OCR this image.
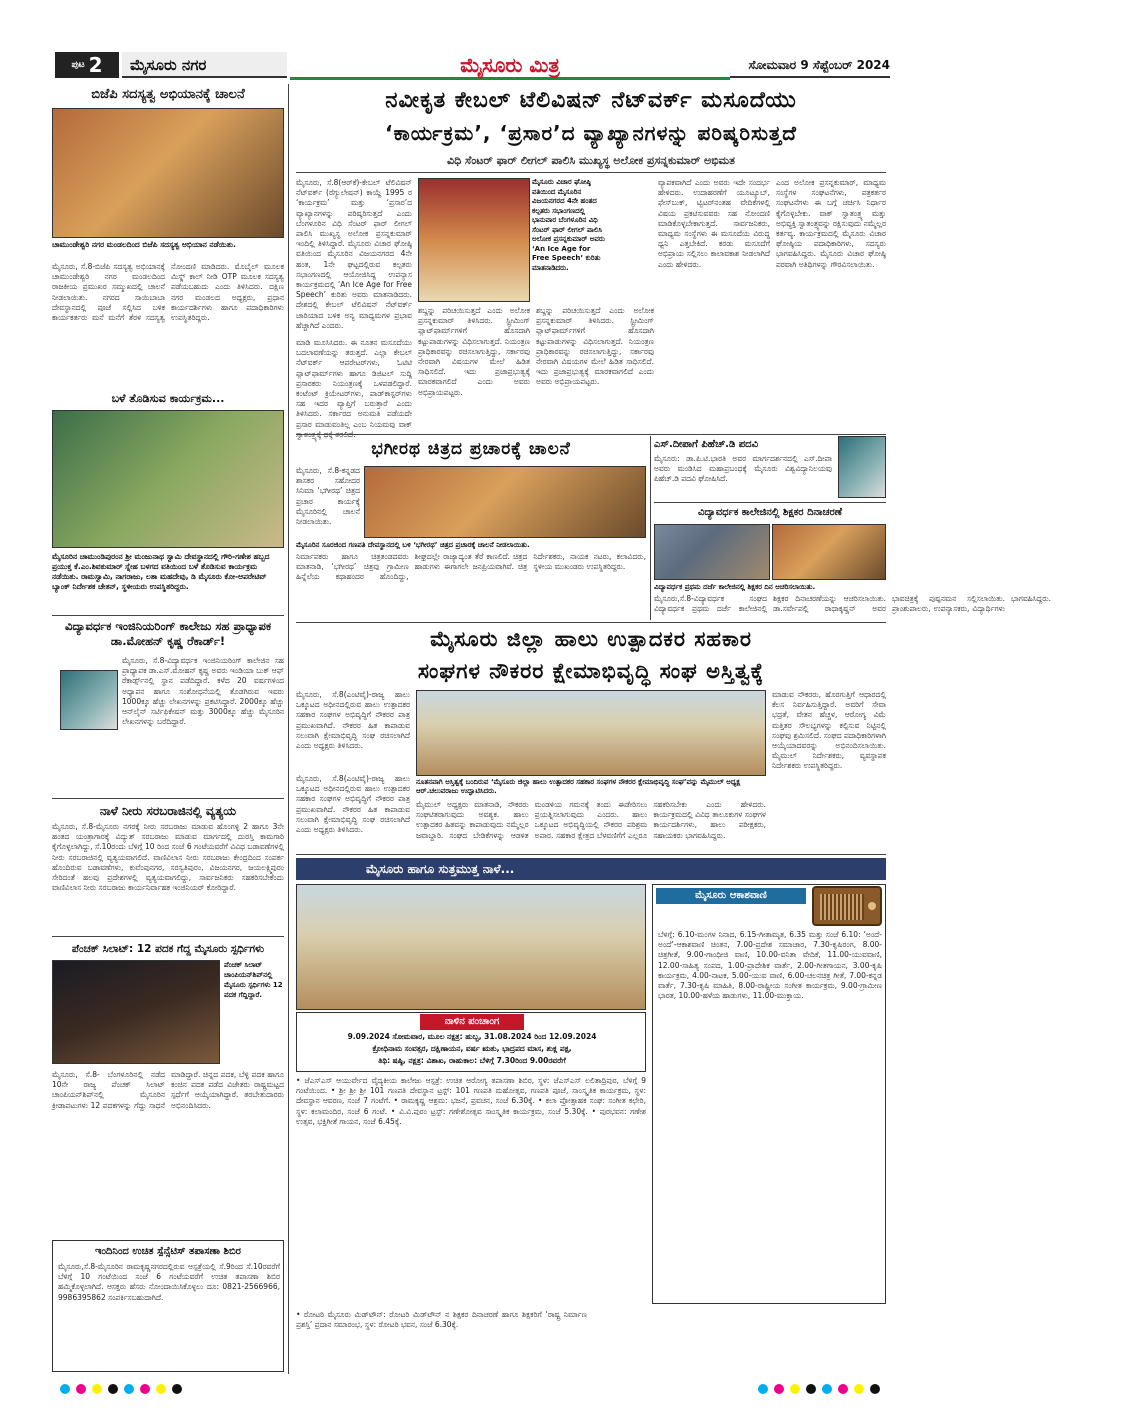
ಪುಟ 2	ಮೈಸೂರು ನಗರ	ಮೈಸೂರು ಮಿತ್ರ	ಸೋಮವಾರ 9 ಸೆಪ್ಟೆಂಬರ್ 2024
ಬಿಜೆಪಿ ಸದಸ್ಯತ್ವ ಅಭಿಯಾನಕ್ಕೆ ಚಾಲನೆ
ಚಾಮುಂಡೇಶ್ವರಿ ನಗರ ಮಂಡಲದಿಂದ ಬಿಜೆಪಿ ಸದಸ್ಯತ್ವ ಅಭಿಯಾನ ನಡೆಯಿತು.
ಮೈಸೂರು, ಸೆ.8-ಬಿಜೆಪಿ ಸದಸ್ಯತ್ವ ಅಭಿಯಾನಕ್ಕೆ ಚಾಮುಂಡೇಶ್ವರಿ ನಗರ ಮಂಡಲದಿಂದ ರಾಜಕೀಯ ಪ್ರಮುಖರ ಸಮ್ಮುಖದಲ್ಲಿ ಚಾಲನೆ ನೀಡಲಾಯಿತು. ನಗರದ ಸಾಯಿಬಾಬಾ ದೇವಸ್ಥಾನದಲ್ಲಿ ಪೂಜೆ ಸಲ್ಲಿಸಿದ ಬಳಿಕ ಕಾರ್ಯಕರ್ತರು ಮನೆ ಮನೆಗೆ ತೆರಳಿ ಸದಸ್ಯತ್ವ ನೋಂದಣಿ ಮಾಡಿದರು. ಮೊಬೈಲ್ ಮೂಲಕ ಮಿಸ್ಡ್ ಕಾಲ್ ನೀಡಿ OTP ಮೂಲಕ ಸದಸ್ಯತ್ವ ಪಡೆಯಬಹುದು ಎಂದು ತಿಳಿಸಿದರು. ದಕ್ಷಿಣ ನಗರ ಮಂಡಲದ ಅಧ್ಯಕ್ಷರು, ಪ್ರಧಾನ ಕಾರ್ಯದರ್ಶಿಗಳು ಹಾಗೂ ಪದಾಧಿಕಾರಿಗಳು ಉಪಸ್ಥಿತರಿದ್ದರು.
ಬಳೆ ತೊಡಿಸುವ ಕಾರ್ಯಕ್ರಮ...
ಮೈಸೂರಿನ ಚಾಮುಂಡಿಪುರಂನ ಶ್ರೀ ಮಂಜುನಾಥ ಸ್ವಾಮಿ ದೇವಸ್ಥಾನದಲ್ಲಿ ಗೌರಿ-ಗಣೇಶ ಹಬ್ಬದ ಪ್ರಯುಕ್ತ ಕೆ.ಎಂ.ಶಿವಕುಮಾರ್ ಸ್ನೇಹ ಬಳಗದ ವತಿಯಿಂದ ಬಳೆ ತೊಡಿಸುವ ಕಾರ್ಯಕ್ರಮ ನಡೆಯಿತು. ರಾಮಸ್ವಾಮಿ, ನಾಗರಾಜು, ಲತಾ ಮಹದೇವು, ಡಿ ಮೈಸೂರು ಕೋ-ಆಪರೇಟಿವ್ ಬ್ಯಾಂಕ್ ನಿರ್ದೇಶಕ ಚೇತನ್, ಸ್ಥಳೀಯರು ಉಪಸ್ಥಿತರಿದ್ದರು.
ವಿದ್ಯಾವರ್ಧಕ ಇಂಜಿನಿಯರಿಂಗ್ ಕಾಲೇಜು ಸಹ ಪ್ರಾಧ್ಯಾಪಕ ಡಾ.ಮೋಹನ್ ಕೃಷ್ಣ ರೆಕಾರ್ಡ್!
ಮೈಸೂರು, ಸೆ.8-ವಿದ್ಯಾವರ್ಧಕ ಇಂಜಿನಿಯರಿಂಗ್ ಕಾಲೇಜಿನ ಸಹ ಪ್ರಾಧ್ಯಾಪಕ ಡಾ.ಎಸ್.ಮೋಹನ್ ಕೃಷ್ಣ ಅವರು ಇಂಡಿಯಾ ಬುಕ್ ಆಫ್ ರೆಕಾರ್ಡ್ಸ್‌ನಲ್ಲಿ ಸ್ಥಾನ ಪಡೆದಿದ್ದಾರೆ. ಕಳೆದ 20 ವರ್ಷಗಳಿಂದ ಅಧ್ಯಾಪನ ಹಾಗೂ ಸಂಶೋಧನೆಯಲ್ಲಿ ತೊಡಗಿರುವ ಇವರು 1000ಕ್ಕೂ ಹೆಚ್ಚು ಲೇಖನಗಳನ್ನು ಪ್ರಕಟಿಸಿದ್ದಾರೆ. 2000ಕ್ಕೂ ಹೆಚ್ಚು ಆನ್‌ಲೈನ್ ಸರ್ಟಿಫಿಕೇಷನ್ ಮತ್ತು 3000ಕ್ಕೂ ಹೆಚ್ಚು ಮೈಸೂರಿನ ಲೇಖನಗಳನ್ನು ಬರೆದಿದ್ದಾರೆ.
ನಾಳೆ ನೀರು ಸರಬರಾಜಿನಲ್ಲಿ ವ್ಯತ್ಯಯ
ಮೈಸೂರು, ಸೆ.8-ಮೈಸೂರು ನಗರಕ್ಕೆ ನೀರು ಸರಬರಾಜು ಮಾಡುವ ಹೊಂಗಳ್ಳಿ 2 ಹಾಗೂ 3ನೇ ಹಂತದ ಯಂತ್ರಾಗಾರಕ್ಕೆ ವಿದ್ಯುತ್ ಸರಬರಾಜು ಮಾಡುವ ಮಾರ್ಗದಲ್ಲಿ ದುರಸ್ತಿ ಕಾಮಗಾರಿ ಕೈಗೊಳ್ಳಲಾಗಿದ್ದು, ಸೆ.10ರಂದು ಬೆಳಿಗ್ಗೆ 10 ರಿಂದ ಸಂಜೆ 6 ಗಂಟೆಯವರೆಗೆ ವಿವಿಧ ಬಡಾವಣೆಗಳಲ್ಲಿ ನೀರು ಸರಬರಾಜಿನಲ್ಲಿ ವ್ಯತ್ಯಯವಾಗಲಿದೆ. ವಾಣಿವಿಲಾಸ ನೀರು ಸರಬರಾಜು ಕೇಂದ್ರದಿಂದ ಸಂಪರ್ಕ ಹೊಂದಿರುವ ಬಡಾವಣೆಗಳು, ಕುವೆಂಪುನಗರ, ಸರಸ್ವತಿಪುರಂ, ವಿಜಯನಗರ, ಜಯಲಕ್ಷ್ಮಿಪುರಂ ಸೇರಿದಂತೆ ಹಲವು ಪ್ರದೇಶಗಳಲ್ಲಿ ವ್ಯತ್ಯಯವಾಗಲಿದ್ದು, ಸಾರ್ವಜನಿಕರು ಸಹಕರಿಸಬೇಕೆಂದು ವಾಣಿವಿಲಾಸ ನೀರು ಸರಬರಾಜು ಕಾರ್ಯನಿರ್ವಾಹಕ ಇಂಜಿನಿಯರ್ ಕೋರಿದ್ದಾರೆ.
ಪೆಂಚಕ್ ಸಿಲಾಟ್: 12 ಪದಕ ಗೆದ್ದ ಮೈಸೂರು ಸ್ಪರ್ಧಿಗಳು
ಪೆಂಚಕ್ ಸಿಲಾಟ್ ಚಾಂಪಿಯನ್‌ಶಿಪ್‌ನಲ್ಲಿ ಮೈಸೂರು ಸ್ಪರ್ಧಿಗಳು 12 ಪದಕ ಗೆದ್ದಿದ್ದಾರೆ.
ಮೈಸೂರು, ಸೆ.8- ಬೆಂಗಳೂರಿನಲ್ಲಿ ನಡೆದ 10ನೇ ರಾಜ್ಯ ಪೆಂಚಕ್ ಸಿಲಾಟ್ ಚಾಂಪಿಯನ್‌ಶಿಪ್‌ನಲ್ಲಿ ಮೈಸೂರಿನ ಕ್ರೀಡಾಪಟುಗಳು 12 ಪದಕಗಳನ್ನು ಗೆದ್ದು ಸಾಧನೆ ಮಾಡಿದ್ದಾರೆ. ಚಿನ್ನದ ಪದಕ, ಬೆಳ್ಳಿ ಪದಕ ಹಾಗೂ ಕಂಚಿನ ಪದಕ ಪಡೆದ ವಿಜೇತರು ರಾಷ್ಟ್ರಮಟ್ಟದ ಸ್ಪರ್ಧೆಗೆ ಆಯ್ಕೆಯಾಗಿದ್ದಾರೆ. ತರಬೇತುದಾರರು ಅಭಿನಂದಿಸಿದರು.
ಇಂದಿನಿಂದ ಉಚಿತ ಸ್ಪೆನ್ಸೆಟಿಸ್ ತಪಾಸಣಾ ಶಿಬಿರ
ಮೈಸೂರು,ಸೆ.8-ಮೈಸೂರಿನ ರಾಮಕೃಷ್ಣನಗರದಲ್ಲಿರುವ ಆಸ್ಪತ್ರೆಯಲ್ಲಿ ಸೆ.9ರಿಂದ ಸೆ.10ರವರೆಗೆ ಬೆಳಿಗ್ಗೆ 10 ಗಂಟೆಯಿಂದ ಸಂಜೆ 6 ಗಂಟೆಯವರೆಗೆ ಉಚಿತ ತಪಾಸಣಾ ಶಿಬಿರ ಹಮ್ಮಿಕೊಳ್ಳಲಾಗಿದೆ. ಆಸಕ್ತರು ಹೆಸರು ನೋಂದಾಯಿಸಿಕೊಳ್ಳಲು ದೂ: 0821-2566966, 9986395862 ಸಂಪರ್ಕಿಸಬಹುದಾಗಿದೆ.
ನವೀಕೃತ ಕೇಬಲ್ ಟೆಲಿವಿಷನ್ ನೆಟ್‌ವರ್ಕ್ ಮಸೂದೆಯು
‘ಕಾರ್ಯಕ್ರಮ’, ‘ಪ್ರಸಾರ’ದ ವ್ಯಾಖ್ಯಾನಗಳನ್ನು ಪರಿಷ್ಕರಿಸುತ್ತದೆ
ವಿಧಿ ಸೆಂಟರ್ ಫಾರ್ ಲೀಗಲ್ ಪಾಲಿಸಿ ಮುಖ್ಯಸ್ಥ ಅಲೋಕ ಪ್ರಸನ್ನಕುಮಾರ್ ಅಭಿಮತ
ಮೈಸೂರು, ಸೆ.8(ಆರ್‌ಕೆ)-ಕೇಬಲ್ ಟೆಲಿವಿಷನ್ ನೆಟ್‌ವರ್ಕ್ (ರೆಗ್ಯುಲೇಷನ್) ಕಾಯ್ದೆ 1995 ರ ‘ಕಾರ್ಯಕ್ರಮ’ ಮತ್ತು ‘ಪ್ರಸಾರ’ದ ವ್ಯಾಖ್ಯಾನಗಳನ್ನು ಪರಿಷ್ಕರಿಸುತ್ತದೆ ಎಂದು ಬೆಂಗಳೂರಿನ ವಿಧಿ ಸೆಂಟರ್ ಫಾರ್ ಲೀಗಲ್ ಪಾಲಿಸಿ ಮುಖ್ಯಸ್ಥ ಅಲೋಕ ಪ್ರಸನ್ನಕುಮಾರ್ ಇಂದಿಲ್ಲಿ ತಿಳಿಸಿದ್ದಾರೆ. ಮೈಸೂರು ವಿಚಾರ ಘೋಷ್ಠಿ ವತಿಯಿಂದ ಮೈಸೂರಿನ ವಿಜಯನಗರದ 4ನೇ ಹಂತ, 1ನೇ ಘಟ್ಟದಲ್ಲಿರುವ ಕಲ್ಪತರು ಸಭಾಂಗಣದಲ್ಲಿ ಆಯೋಜಿಸಿದ್ದ ಉಪನ್ಯಾಸ ಕಾರ್ಯಕ್ರಮದಲ್ಲಿ ‘An Ice Age for Free Speech’ ಕುರಿತು ಅವರು ಮಾತನಾಡಿದರು. ದೇಶದಲ್ಲಿ ಕೇಬಲ್ ಟೆಲಿವಿಷನ್ ನೆಟ್‌ವರ್ಕ್ ಜಾರಿಯಾದ ಬಳಿಕ ಅನ್ಯ ಮಾಧ್ಯಮಗಳ ಪ್ರಭಾವ ಹೆಚ್ಚಾಗಿದೆ ಎಂದರು.
ಮೈಸೂರು ವಿಚಾರ ಘೋಷ್ಠಿ ವತಿಯಿಂದ ಮೈಸೂರಿನ ವಿಜಯನಗರದ 4ನೇ ಹಂತದ ಕಲ್ಪತರು ಸಭಾಂಗಣದಲ್ಲಿ ಭಾನುವಾರ ಬೆಂಗಳೂರಿನ ವಿಧಿ ಸೆಂಟರ್ ಫಾರ್ ಲೀಗಲ್ ಪಾಲಿಸಿ ಅಲೋಕ ಪ್ರಸನ್ನಕುಮಾರ್ ಅವರು ‘An Ice Age for Free Speech’ ಕುರಿತು ಮಾತನಾಡಿದರು.
ಮಾಡಿ ಮೂಸಿಸಿದರು. ಈ ನೂತನ ಮಸೂದೆಯು ಬದಲಾವಣೆಯನ್ನು ತರುತ್ತದೆ. ಎಲ್ಲಾ ಕೇಬಲ್ ನೆಟ್‌ವರ್ಕ್ ಆಪರೇಟರ್‌ಗಳು, ಓಟಿಟಿ ಪ್ಲಾಟ್‌ಫಾರ್ಮ್‌ಗಳು ಹಾಗೂ ಡಿಜಿಟಲ್ ಸುದ್ದಿ ಪ್ರಸಾರಕರು ನಿಯಂತ್ರಣಕ್ಕೆ ಒಳಪಡಲಿದ್ದಾರೆ. ಕಂಟೆಂಟ್ ಕ್ರಿಯೇಟರ್‌ಗಳು, ಪಾಡ್‌ಕಾಸ್ಟರ್‌ಗಳು ಸಹ ಇದರ ವ್ಯಾಪ್ತಿಗೆ ಬರುತ್ತಾರೆ ಎಂದು ತಿಳಿಸಿದರು. ಸರ್ಕಾರದ ಅನುಮತಿ ಪಡೆಯದೇ ಪ್ರಸಾರ ಮಾಡುವಂತಿಲ್ಲ ಎಂಬ ನಿಯಮವು ವಾಕ್
ಶಬ್ದನ್ನು ಪರಿಚಯಿಸುತ್ತದೆ ಎಂದು ಅಲೋಕ ಪ್ರಸನ್ನಕುಮಾರ್ ತಿಳಿಸಿದರು. ಸ್ಟ್ರೀಮಿಂಗ್ ಪ್ಲಾಟ್‌ಫಾರ್ಮ್‌ಗಳಿಗೆ ಹೊಸದಾಗಿ ಕಟ್ಟುಪಾಡುಗಳನ್ನು ವಿಧಿಸಲಾಗುತ್ತದೆ. ನಿಯಂತ್ರಣ ಪ್ರಾಧಿಕಾರವನ್ನು ರಚಿಸಲಾಗುತ್ತಿದ್ದು, ಸರ್ಕಾರವು ನೇರವಾಗಿ ವಿಷಯಗಳ ಮೇಲೆ ಹಿಡಿತ ಸಾಧಿಸಲಿದೆ. ಇದು ಪ್ರಜಾಪ್ರಭುತ್ವಕ್ಕೆ ಮಾರಕವಾಗಲಿದೆ ಎಂದು ಅವರು ಅಭಿಪ್ರಾಯಪಟ್ಟರು.
ಶಬ್ದನ್ನು ಪರಿಚಯಿಸುತ್ತದೆ ಎಂದು ಅಲೋಕ ಪ್ರಸನ್ನಕುಮಾರ್ ತಿಳಿಸಿದರು. ಸ್ಟ್ರೀಮಿಂಗ್ ಪ್ಲಾಟ್‌ಫಾರ್ಮ್‌ಗಳಿಗೆ ಹೊಸದಾಗಿ ಕಟ್ಟುಪಾಡುಗಳನ್ನು ವಿಧಿಸಲಾಗುತ್ತದೆ. ನಿಯಂತ್ರಣ ಪ್ರಾಧಿಕಾರವನ್ನು ರಚಿಸಲಾಗುತ್ತಿದ್ದು, ಸರ್ಕಾರವು ನೇರವಾಗಿ ವಿಷಯಗಳ ಮೇಲೆ ಹಿಡಿತ ಸಾಧಿಸಲಿದೆ. ಇದು ಪ್ರಜಾಪ್ರಭುತ್ವಕ್ಕೆ ಮಾರಕವಾಗಲಿದೆ ಎಂದು ಅವರು ಅಭಿಪ್ರಾಯಪಟ್ಟರು.
ವ್ಯಾಪಕವಾಗಿದೆ ಎಂದು ಅವರು ಇದೇ ಸಂದರ್ಭ ಹೇಳಿದರು. ಉದಾಹರಣೆಗೆ ಯೂಟ್ಯೂಬ್, ಫೇಸ್‌ಬುಕ್, ಟ್ವಿಟರ್‌ನಂತಹ ವೇದಿಕೆಗಳಲ್ಲಿ ವಿಷಯ ಪ್ರಕಟಿಸುವವರು ಸಹ ನೋಂದಣಿ ಮಾಡಿಕೊಳ್ಳಬೇಕಾಗುತ್ತದೆ. ಸಾರ್ವಜನಿಕರು, ಮಾಧ್ಯಮ ಸಂಸ್ಥೆಗಳು ಈ ಮಸೂದೆಯ ವಿರುದ್ಧ ಧ್ವನಿ ಎತ್ತಬೇಕಿದೆ. ಕರಡು ಮಸೂದೆಗೆ ಅಭಿಪ್ರಾಯ ಸಲ್ಲಿಸಲು ಕಾಲಾವಕಾಶ ನೀಡಲಾಗಿದೆ ಎಂದು ಹೇಳಿದರು.
ಎಂದ ಅಲೋಕ ಪ್ರಸನ್ನಕುಮಾರ್, ಮಾಧ್ಯಮ ಸಂಸ್ಥೆಗಳ ಸಂಘಟನೆಗಳು, ಪತ್ರಕರ್ತರ ಸಂಘಟನೆಗಳು ಈ ಬಗ್ಗೆ ಚರ್ಚಿಸಿ ನಿರ್ಧಾರ ಕೈಗೊಳ್ಳಬೇಕು. ವಾಕ್ ಸ್ವಾತಂತ್ರ್ಯ ಮತ್ತು ಅಭಿವ್ಯಕ್ತಿ ಸ್ವಾತಂತ್ರ್ಯವನ್ನು ರಕ್ಷಿಸುವುದು ನಮ್ಮೆಲ್ಲರ ಕರ್ತವ್ಯ. ಕಾರ್ಯಕ್ರಮದಲ್ಲಿ ಮೈಸೂರು ವಿಚಾರ ಘೋಷ್ಠಿಯ ಪದಾಧಿಕಾರಿಗಳು, ಸದಸ್ಯರು ಭಾಗವಹಿಸಿದ್ದರು. ಮೈಸೂರು ವಿಚಾರ ಘೋಷ್ಠಿ ಪರವಾಗಿ ಅತಿಥಿಗಳನ್ನು ಗೌರವಿಸಲಾಯಿತು.
ಭಗೀರಥ ಚಿತ್ರದ ಪ್ರಚಾರಕ್ಕೆ ಚಾಲನೆ
ಮೈಸೂರು, ಸೆ.8-ಕನ್ನಡದ ಶಾಸಕರ ಸಹೋದರ ಸಿನಿಮಾ ‘ಭಗೀರಥ’ ಚಿತ್ರದ ಪ್ರಚಾರ ಕಾರ್ಯಕ್ಕೆ ಮೈಸೂರಿನಲ್ಲಿ ಚಾಲನೆ ನೀಡಲಾಯಿತು.
ಮೈಸೂರಿನ ಸೂರಜಿಂದ ಗಣಪತಿ ದೇವಸ್ಥಾನದಲ್ಲಿ ಬಳಿ ‘ಭಗೀರಥ’ ಚಿತ್ರದ ಪ್ರಚಾರಕ್ಕೆ ಚಾಲನೆ ನೀಡಲಾಯಿತು.
ನಿರ್ಮಾಪಕರು ಹಾಗೂ ಚಿತ್ರತಂಡದವರು ಮಾತನಾಡಿ, ‘ಭಗೀರಥ’ ಚಿತ್ರವು ಗ್ರಾಮೀಣ ಹಿನ್ನೆಲೆಯ ಕಥಾಹಂದರ ಹೊಂದಿದ್ದು, ಶೀಘ್ರದಲ್ಲೇ ರಾಜ್ಯಾದ್ಯಂತ ತೆರೆ ಕಾಣಲಿದೆ. ಚಿತ್ರದ ಹಾಡುಗಳು ಈಗಾಗಲೇ ಜನಪ್ರಿಯವಾಗಿವೆ. ಚಿತ್ರ ನಿರ್ದೇಶಕರು, ನಾಯಕ ನಟರು, ಕಲಾವಿದರು, ಸ್ಥಳೀಯ ಮುಖಂಡರು ಉಪಸ್ಥಿತರಿದ್ದರು.
ಎಸ್.ದೀಪಾಗೆ ಪಿಹೆಚ್.ಡಿ ಪದವಿ
ಮೈಸೂರು: ಡಾ.ಪಿ.ಟಿ.ಭಾರತಿ ಅವರ ಮಾರ್ಗದರ್ಶನದಲ್ಲಿ ಎಸ್.ದೀಪಾ ಅವರು ಮಂಡಿಸಿದ ಮಹಾಪ್ರಬಂಧಕ್ಕೆ ಮೈಸೂರು ವಿಶ್ವವಿದ್ಯಾನಿಲಯವು ಪಿಹೆಚ್.ಡಿ ಪದವಿ ಘೋಷಿಸಿದೆ.
ವಿದ್ಯಾವರ್ಧಕ ಕಾಲೇಜಿನಲ್ಲಿ ಶಿಕ್ಷಕರ ದಿನಾಚರಣೆ
ವಿದ್ಯಾವರ್ಧಕ ಪ್ರಥಮ ದರ್ಜೆ ಕಾಲೇಜಿನಲ್ಲಿ ಶಿಕ್ಷಕರ ದಿನ ಆಚರಿಸಲಾಯಿತು.
ಮೈಸೂರು,ಸೆ.8-ವಿದ್ಯಾವರ್ಧಕ ಸಂಘದ ವಿದ್ಯಾವರ್ಧಕ ಪ್ರಥಮ ದರ್ಜೆ ಕಾಲೇಜಿನಲ್ಲಿ ಶಿಕ್ಷಕರ ದಿನಾಚರಣೆಯನ್ನು ಆಚರಿಸಲಾಯಿತು. ಡಾ.ಸರ್ವೇಪಲ್ಲಿ ರಾಧಾಕೃಷ್ಣನ್ ಅವರ ಭಾವಚಿತ್ರಕ್ಕೆ ಪುಷ್ಪನಮನ ಸಲ್ಲಿಸಲಾಯಿತು. ಪ್ರಾಂಶುಪಾಲರು, ಉಪನ್ಯಾಸಕರು, ವಿದ್ಯಾರ್ಥಿಗಳು ಭಾಗವಹಿಸಿದ್ದರು.
ಮೈಸೂರು ಜಿಲ್ಲಾ ಹಾಲು ಉತ್ಪಾದಕರ ಸಹಕಾರ
ಸಂಘಗಳ ನೌಕರರ ಕ್ಷೇಮಾಭಿವೃದ್ಧಿ ಸಂಘ ಅಸ್ತಿತ್ವಕ್ಕೆ
ಮೈಸೂರು, ಸೆ.8(ಎಂಟಿವೈ)-ರಾಜ್ಯ ಹಾಲು ಒಕ್ಕೂಟದ ಅಧೀನದಲ್ಲಿರುವ ಹಾಲು ಉತ್ಪಾದಕರ ಸಹಕಾರ ಸಂಘಗಳ ಅಭಿವೃದ್ಧಿಗೆ ನೌಕರರ ಪಾತ್ರ ಪ್ರಮುಖವಾಗಿದೆ. ನೌಕರರ ಹಿತ ಕಾಪಾಡುವ ಸಲುವಾಗಿ ಕ್ಷೇಮಾಭಿವೃದ್ಧಿ ಸಂಘ ರಚಿಸಲಾಗಿದೆ ಎಂದು ಅಧ್ಯಕ್ಷರು ತಿಳಿಸಿದರು.
ನೂತನವಾಗಿ ಅಸ್ತಿತ್ವಕ್ಕೆ ಬಂದಿರುವ ‘ಮೈಸೂರು ಜಿಲ್ಲಾ ಹಾಲು ಉತ್ಪಾದಕರ ಸಹಕಾರ ಸಂಘಗಳ ನೌಕರರ ಕ್ಷೇಮಾಭಿವೃದ್ಧಿ ಸಂಘ’ವನ್ನು ಮೈಮುಲ್ ಅಧ್ಯಕ್ಷ ಆರ್.ಚಲುವರಾಜು ಉದ್ಘಾಟಿಸಿದರು.
ಮಾಡುವ ನೌಕರರು, ಹೊರಗುತ್ತಿಗೆ ಆಧಾರದಲ್ಲಿ ಕೆಲಸ ನಿರ್ವಹಿಸುತ್ತಿದ್ದಾರೆ. ಅವರಿಗೆ ಸೇವಾ ಭದ್ರತೆ, ವೇತನ ಹೆಚ್ಚಳ, ಆರೋಗ್ಯ ವಿಮೆ ಮತ್ತಿತರ ಸೌಲಭ್ಯಗಳನ್ನು ಕಲ್ಪಿಸುವ ನಿಟ್ಟಿನಲ್ಲಿ ಸಂಘವು ಶ್ರಮಿಸಲಿದೆ. ಸಂಘದ ಪದಾಧಿಕಾರಿಗಳಾಗಿ ಆಯ್ಕೆಯಾದವರನ್ನು ಅಭಿನಂದಿಸಲಾಯಿತು. ಮೈಮುಲ್ ನಿರ್ದೇಶಕರು, ವ್ಯವಸ್ಥಾಪಕ ನಿರ್ದೇಶಕರು ಉಪಸ್ಥಿತರಿದ್ದರು.
ಮೈಸೂರು, ಸೆ.8(ಎಂಟಿವೈ)-ರಾಜ್ಯ ಹಾಲು ಒಕ್ಕೂಟದ ಅಧೀನದಲ್ಲಿರುವ ಹಾಲು ಉತ್ಪಾದಕರ ಸಹಕಾರ ಸಂಘಗಳ ಅಭಿವೃದ್ಧಿಗೆ ನೌಕರರ ಪಾತ್ರ ಪ್ರಮುಖವಾಗಿದೆ. ನೌಕರರ ಹಿತ ಕಾಪಾಡುವ ಸಲುವಾಗಿ ಕ್ಷೇಮಾಭಿವೃದ್ಧಿ ಸಂಘ ರಚಿಸಲಾಗಿದೆ ಎಂದು ಅಧ್ಯಕ್ಷರು ತಿಳಿಸಿದರು.
ಮೈಮುಲ್ ಅಧ್ಯಕ್ಷರು ಮಾತನಾಡಿ, ನೌಕರರು ಸಂಘಟಿತರಾಗುವುದು ಅವಶ್ಯಕ. ಹಾಲು ಉತ್ಪಾದಕರ ಹಿತವನ್ನು ಕಾಪಾಡುವುದು ನಮ್ಮೆಲ್ಲರ ಜವಾಬ್ದಾರಿ. ಸಂಘದ ಬೇಡಿಕೆಗಳನ್ನು ಆಡಳಿತ ಮಂಡಳಿಯ ಗಮನಕ್ಕೆ ತಂದು ಈಡೇರಿಸಲು ಪ್ರಯತ್ನಿಸಲಾಗುವುದು ಎಂದರು. ಹಾಲು ಒಕ್ಕೂಟದ ಅಭಿವೃದ್ಧಿಯಲ್ಲಿ ನೌಕರರ ಪರಿಶ್ರಮ ಅಪಾರ. ಸಹಕಾರ ಕ್ಷೇತ್ರದ ಬೆಳವಣಿಗೆಗೆ ಎಲ್ಲರೂ ಸಹಕರಿಸಬೇಕು ಎಂದು ಹೇಳಿದರು. ಕಾರ್ಯಕ್ರಮದಲ್ಲಿ ವಿವಿಧ ತಾಲೂಕುಗಳ ಸಂಘಗಳ ಕಾರ್ಯದರ್ಶಿಗಳು, ಹಾಲು ಪರೀಕ್ಷಕರು, ಸಹಾಯಕರು ಭಾಗವಹಿಸಿದ್ದರು.
ಮೈಸೂರು ಹಾಗೂ ಸುತ್ತಮುತ್ತ ನಾಳೆ...
ನಾಳಿನ ಪಂಚಾಂಗ
9.09.2024 ಸೋಮವಾರ, ಮೂಲ ನಕ್ಷತ್ರ: ಹುಬ್ಬ, 31.08.2024 ರಿಂದ 12.09.2024
ಕ್ರೋಧಿನಾಮ ಸಂವತ್ಸರ, ದಕ್ಷಿಣಾಯನ, ವರ್ಷ ಋತು, ಭಾದ್ರಪದ ಮಾಸ, ಶುಕ್ಲ ಪಕ್ಷ,
ತಿಥಿ: ಷಷ್ಠಿ, ನಕ್ಷತ್ರ: ವಿಶಾಖ, ರಾಹುಕಾಲ: ಬೆಳಿಗ್ಗೆ 7.30ರಿಂದ 9.00ರವರೆಗೆ
• ಜೆಎಸ್‌ಎಸ್ ಆಯುರ್ವೇದ ವೈದ್ಯಕೀಯ ಕಾಲೇಜು ಆಸ್ಪತ್ರೆ: ಉಚಿತ ಆರೋಗ್ಯ ತಪಾಸಣಾ ಶಿಬಿರ, ಸ್ಥಳ: ಜೆಎಸ್‌ಎಸ್ ಲಲಿತಾದ್ರಿಪುರ, ಬೆಳಿಗ್ಗೆ 9 ಗಂಟೆಯಿಂದ. • ಶ್ರೀ ಶ್ರೀ ಶ್ರೀ 101 ಗಣಪತಿ ದೇವಸ್ಥಾನ ಟ್ರಸ್ಟ್: 101 ಗಣಪತಿ ಮಹೋತ್ಸವ, ಗಣಪತಿ ಪೂಜೆ, ಸಾಂಸ್ಕೃತಿಕ ಕಾರ್ಯಕ್ರಮ, ಸ್ಥಳ: ದೇವಸ್ಥಾನ ಆವರಣ, ಸಂಜೆ 7 ಗಂಟೆಗೆ. • ರಾಮಕೃಷ್ಣ ಆಶ್ರಮ: ಭಜನೆ, ಪ್ರವಚನ, ಸಂಜೆ 6.30ಕ್ಕೆ. • ಕಲಾ ಪ್ರೋತ್ಸಾಹಕ ಸಂಘ: ಸಂಗೀತ ಕಛೇರಿ, ಸ್ಥಳ: ಕಲಾಮಂದಿರ, ಸಂಜೆ 6 ಗಂಟೆ. • ವಿ.ವಿ.ಪುರಂ ಟ್ರಸ್ಟ್: ಗಣೇಶೋತ್ಸವ ಸಾಂಸ್ಕೃತಿಕ ಕಾರ್ಯಕ್ರಮ, ಸಂಜೆ 5.30ಕ್ಕೆ. • ಪುರಭವನ: ಗಣೇಶ ಉತ್ಸವ, ಭಕ್ತಿಗೀತೆ ಗಾಯನ, ಸಂಜೆ 6.45ಕ್ಕೆ.
ಮೈಸೂರು ಆಕಾಶವಾಣಿ
ಬೆಳಿಗ್ಗೆ: 6.10-ಮಂಗಳ ನಿನಾದ, 6.15-ಗೀತಾಮೃತ, 6.35 ಮತ್ತು ಸಂಜೆ 6.10: ‘ಅಂದೆ-ಅಂದೆ’-ಆಕಾಶವಾಣಿ ಚಿಂತನ, 7.00-ಪ್ರದೇಶ ಸಮಾಚಾರ, 7.30-ಕೃಷಿರಂಗ, 8.00-ಚಿತ್ರಗೀತೆ, 9.00-ಗಾಂಧೀಜಿ ವಾಣಿ, 10.00-ವನಿತಾ ವೇದಿಕೆ, 11.00-ಯುವವಾಣಿ, 12.00-ಸಾಹಿತ್ಯ ಸಂಪದ, 1.00-ಪ್ರಾದೇಶಿಕ ವಾರ್ತೆ, 2.00-ಗೀತಗಾಯನ, 3.00-ಕೃಷಿ ಕಾರ್ಯಕ್ರಮ, 4.00-ನಾಟಕ, 5.00-ಯುವ ವಾಣಿ, 6.00-ಚಲನಚಿತ್ರ ಗೀತೆ, 7.00-ಕನ್ನಡ ವಾರ್ತೆ, 7.30-ಕೃಷಿ ಮಾಹಿತಿ, 8.00-ರಾಷ್ಟ್ರೀಯ ಸಂಗೀತ ಕಾರ್ಯಕ್ರಮ, 9.00-ಗ್ರಾಮೀಣ ಭಾರತ, 10.00-ಹಳೆಯ ಹಾಡುಗಳು, 11.00-ಮುಕ್ತಾಯ.
• ರೋಟರಿ ಮೈಸೂರು ಮಿಡ್‌ಟೌನ್: ರೋಟರಿ ಮಿಡ್‌ಟೌನ್ ನ ಶಿಕ್ಷಕರ ದಿನಾಚರಣೆ ಹಾಗೂ ಶಿಕ್ಷಕರಿಗೆ ‘ರಾಷ್ಟ್ರ ನಿರ್ಮಾಣ ಪ್ರಶಸ್ತಿ’ ಪ್ರದಾನ ಸಮಾರಂಭ, ಸ್ಥಳ: ರೋಟರಿ ಭವನ, ಸಂಜೆ 6.30ಕ್ಕೆ.
